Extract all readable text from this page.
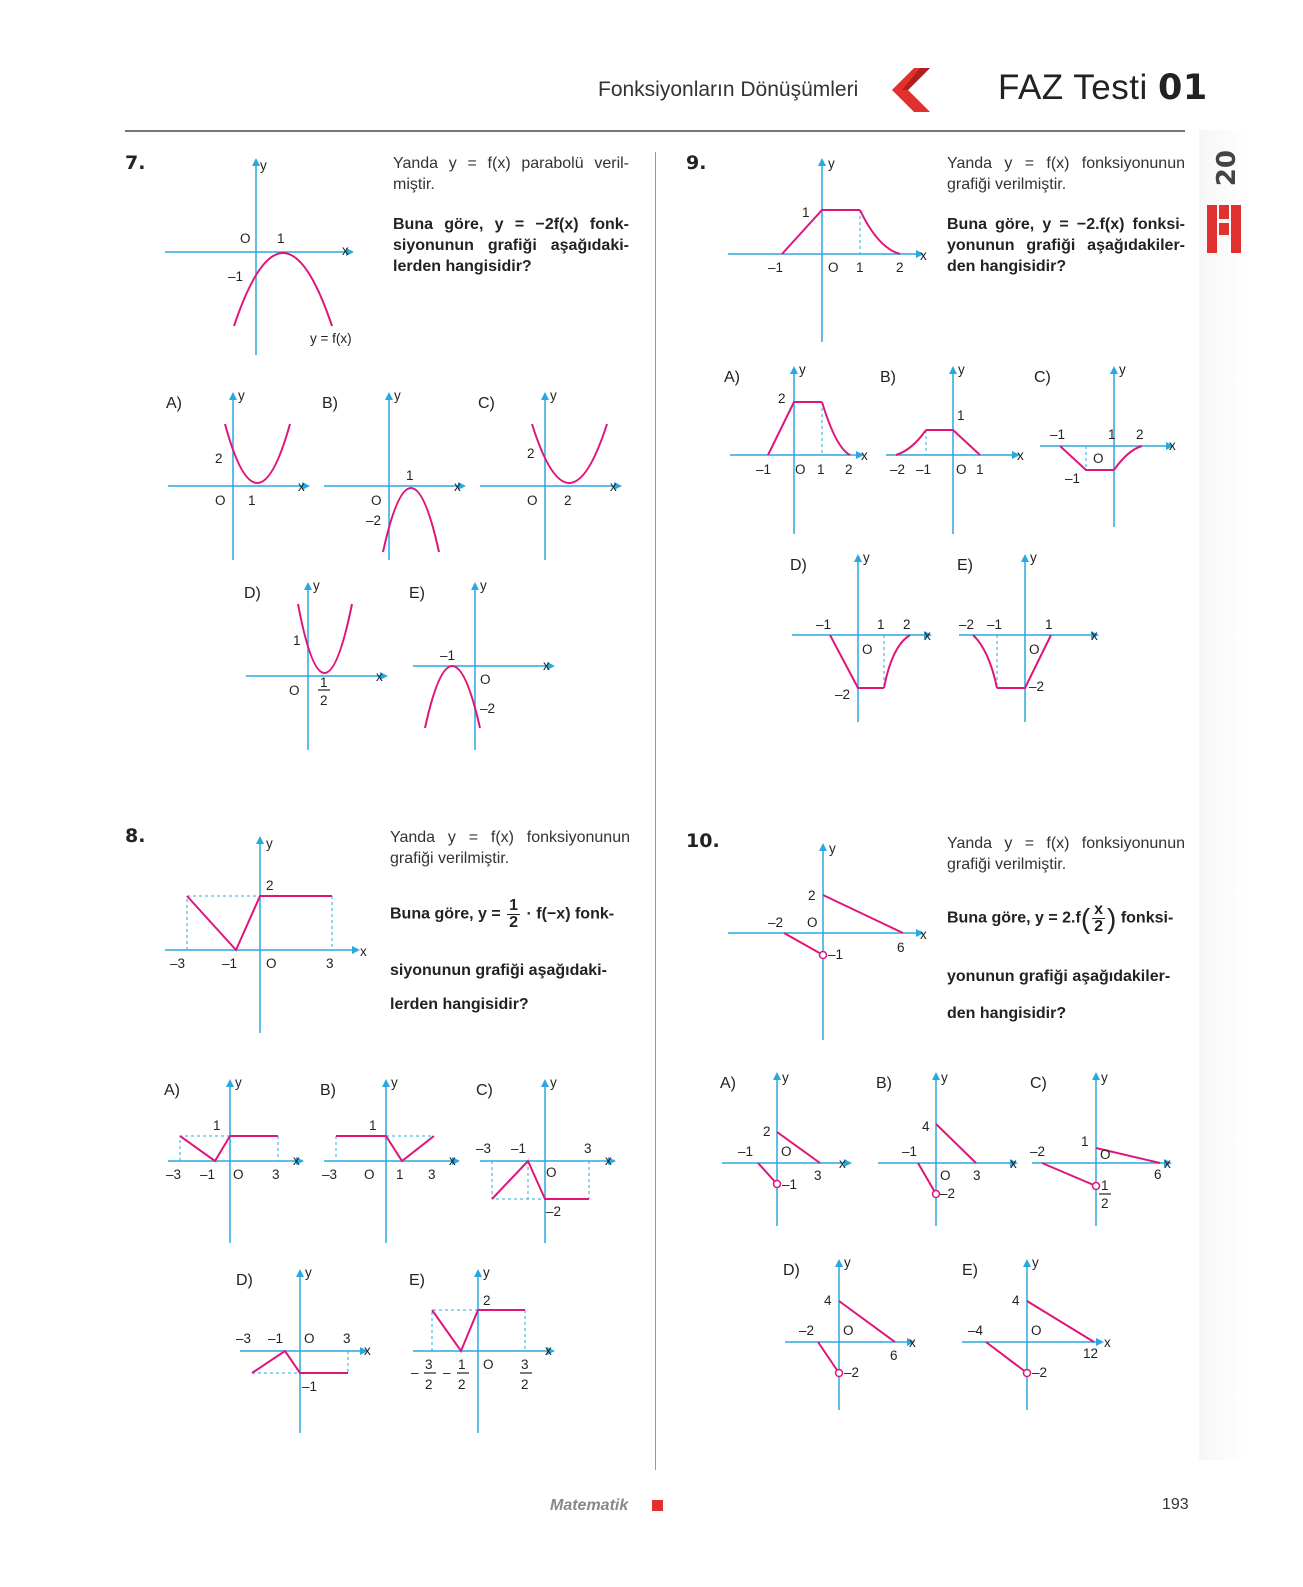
Fonksiyonların Dönüşümleri	FAZ Testi 01
20
7.	Yanda y = f(x) parabolü veril-miştir.
Buna göre, y = −2f(x) fonk-siyonunun grafiği aşağıdaki-lerden hangisidir?
y
x
O 1
–1
y = f(x)
A)	y
x
2
O 1
B)	y
x
1
O
–2
C)	y
x
2
O 2
D)	y
x
1
O
1
2
E)	y
x
–1
O
–2
8.	Yanda y = f(x) fonksiyonunun grafiği verilmiştir.
Buna göre, $y = \frac{1}{2} \cdot f(-x)$ fonk-
siyonunun grafiği aşağıdaki-
lerden hangisidir?
y
x
2
–3	–1 O	3
A)	y
x
1
–3 –1 O 3
B)	y
x
1
–3 O 1 3
C)	y
x
–3 –1	3
O
–2
D)	y
x
–3 –1 O 3
–1
E)	y
x
2
–
3
2
–
1
2
O 3
2
9.	Yanda y = f(x) fonksiyonunun grafiği verilmiştir.
Buna göre, y = −2.f(x) fonksi-yonunun grafiği aşağıdakiler-den hangisidir?
y
x
1
–1	O 1 2
A)	y
x
2
–1 O 1 2
B)	y
x
1
–2 –1 O 1
C)	y
x
–1	1 2
O
–1
D)	y
x
–1	1 2
O
–2
E)	y
x
–2 –1	1
O
–2
10.	Yanda y = f(x) fonksiyonunun grafiği verilmiştir.
Buna göre, $y = 2.f( \frac{x}{2}$ ) fonksi-
yonunun grafiği aşağıdakiler-
den hangisidir?
y
x
2
–2 O
6
–1
A)	y
x
2
–1 O
3
–1
B)	y
x
4
–1
O 3
–2
C)	y
x
1
–2	O
6
1
2
D)	y
x
4
–2 O
6
–2
E)	y
x
4
–4	O
12
–2
Matematik	193
